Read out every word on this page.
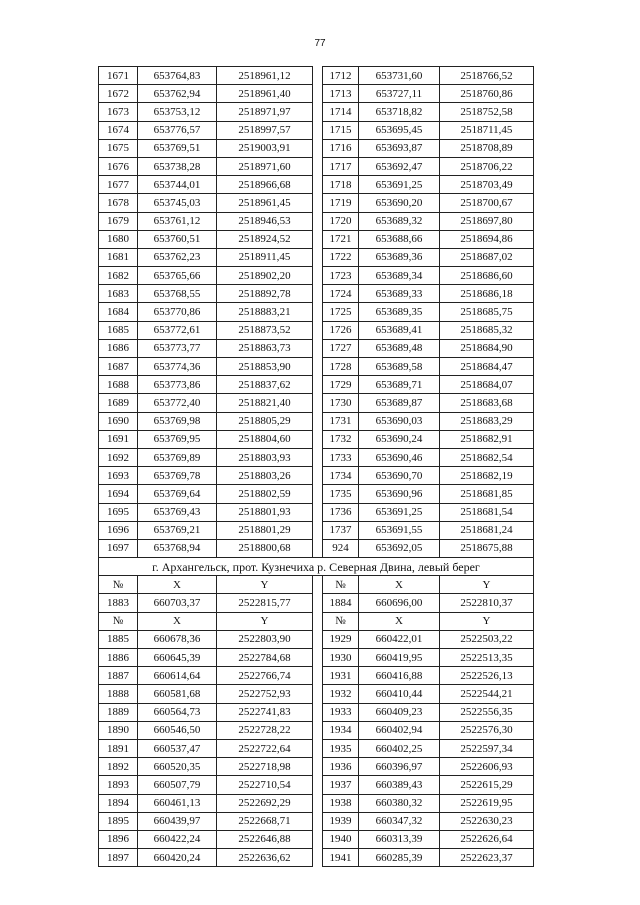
77
1671	653764,83	2518961,12		1712	653731,60	2518766,52
1672	653762,94	2518961,40		1713	653727,11	2518760,86
1673	653753,12	2518971,97		1714	653718,82	2518752,58
1674	653776,57	2518997,57		1715	653695,45	2518711,45
1675	653769,51	2519003,91		1716	653693,87	2518708,89
1676	653738,28	2518971,60		1717	653692,47	2518706,22
1677	653744,01	2518966,68		1718	653691,25	2518703,49
1678	653745,03	2518961,45		1719	653690,20	2518700,67
1679	653761,12	2518946,53		1720	653689,32	2518697,80
1680	653760,51	2518924,52		1721	653688,66	2518694,86
1681	653762,23	2518911,45		1722	653689,36	2518687,02
1682	653765,66	2518902,20		1723	653689,34	2518686,60
1683	653768,55	2518892,78		1724	653689,33	2518686,18
1684	653770,86	2518883,21		1725	653689,35	2518685,75
1685	653772,61	2518873,52		1726	653689,41	2518685,32
1686	653773,77	2518863,73		1727	653689,48	2518684,90
1687	653774,36	2518853,90		1728	653689,58	2518684,47
1688	653773,86	2518837,62		1729	653689,71	2518684,07
1689	653772,40	2518821,40		1730	653689,87	2518683,68
1690	653769,98	2518805,29		1731	653690,03	2518683,29
1691	653769,95	2518804,60		1732	653690,24	2518682,91
1692	653769,89	2518803,93		1733	653690,46	2518682,54
1693	653769,78	2518803,26		1734	653690,70	2518682,19
1694	653769,64	2518802,59		1735	653690,96	2518681,85
1695	653769,43	2518801,93		1736	653691,25	2518681,54
1696	653769,21	2518801,29		1737	653691,55	2518681,24
1697	653768,94	2518800,68		924	653692,05	2518675,88
г. Архангельск, прот. Кузнечиха р. Северная Двина, левый берег						
№	X	Y		№	X	Y
1883	660703,37	2522815,77		1884	660696,00	2522810,37
№	X	Y		№	X	Y
1885	660678,36	2522803,90		1929	660422,01	2522503,22
1886	660645,39	2522784,68		1930	660419,95	2522513,35
1887	660614,64	2522766,74		1931	660416,88	2522526,13
1888	660581,68	2522752,93		1932	660410,44	2522544,21
1889	660564,73	2522741,83		1933	660409,23	2522556,35
1890	660546,50	2522728,22		1934	660402,94	2522576,30
1891	660537,47	2522722,64		1935	660402,25	2522597,34
1892	660520,35	2522718,98		1936	660396,97	2522606,93
1893	660507,79	2522710,54		1937	660389,43	2522615,29
1894	660461,13	2522692,29		1938	660380,32	2522619,95
1895	660439,97	2522668,71		1939	660347,32	2522630,23
1896	660422,24	2522646,88		1940	660313,39	2522626,64
1897	660420,24	2522636,62		1941	660285,39	2522623,37
